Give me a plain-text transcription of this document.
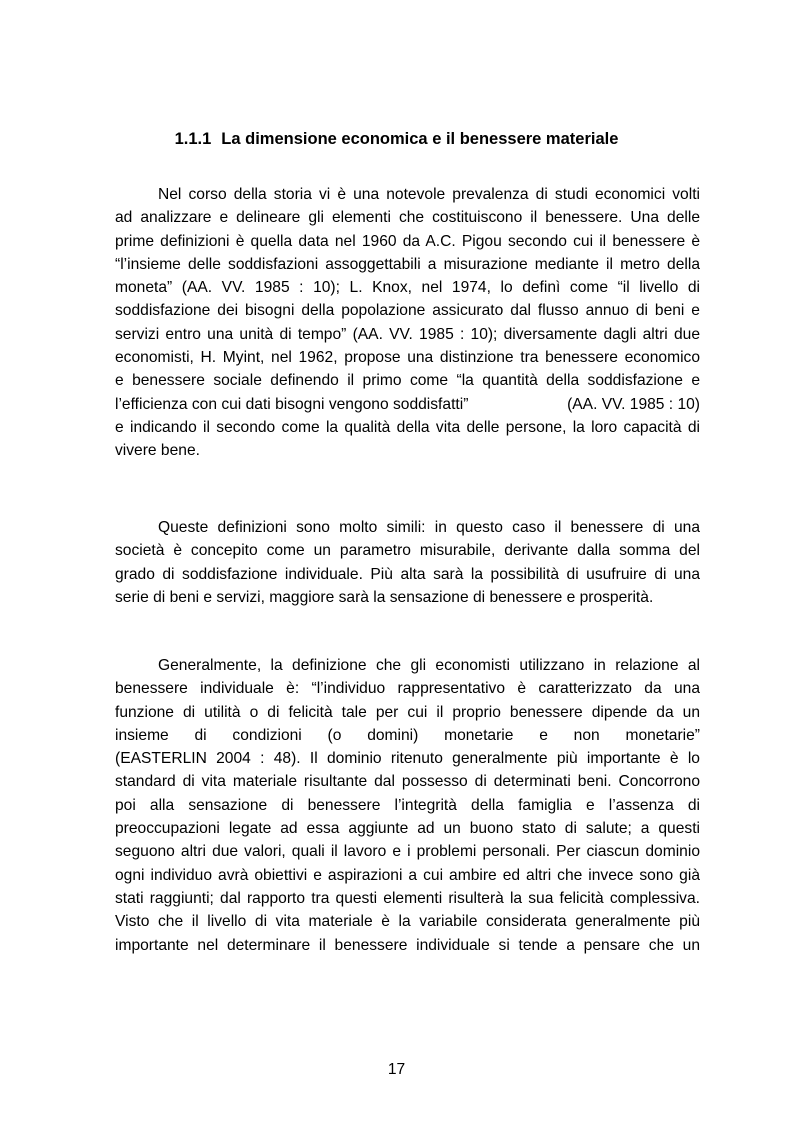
1.1.1 La dimensione economica e il benessere materiale
Nel corso della storia vi è una notevole prevalenza di studi economici volti
ad analizzare e delineare gli elementi che costituiscono il benessere. Una delle
prime definizioni è quella data nel 1960 da A.C. Pigou secondo cui il benessere è
“l’insieme delle soddisfazioni assoggettabili a misurazione mediante il metro della
moneta” (AA. VV. 1985 : 10); L. Knox, nel 1974, lo definì come “il livello di
soddisfazione dei bisogni della popolazione assicurato dal flusso annuo di beni e
servizi entro una unità di tempo” (AA. VV. 1985 : 10); diversamente dagli altri due
economisti, H. Myint, nel 1962, propose una distinzione tra benessere economico
e benessere sociale definendo il primo come “la quantità della soddisfazione e
l’efficienza con cui dati bisogni vengono soddisfatti”	(AA. VV. 1985 : 10)
e indicando il secondo come la qualità della vita delle persone, la loro capacità di
vivere bene.
Queste definizioni sono molto simili: in questo caso il benessere di una
società è concepito come un parametro misurabile, derivante dalla somma del
grado di soddisfazione individuale. Più alta sarà la possibilità di usufruire di una
serie di beni e servizi, maggiore sarà la sensazione di benessere e prosperità.
Generalmente, la definizione che gli economisti utilizzano in relazione al
benessere individuale è: “l’individuo rappresentativo è caratterizzato da una
funzione di utilità o di felicità tale per cui il proprio benessere dipende da un
insieme di condizioni (o domini) monetarie e non monetarie”
(EASTERLIN 2004 : 48). Il dominio ritenuto generalmente più importante è lo
standard di vita materiale risultante dal possesso di determinati beni. Concorrono
poi alla sensazione di benessere l’integrità della famiglia e l’assenza di
preoccupazioni legate ad essa aggiunte ad un buono stato di salute; a questi
seguono altri due valori, quali il lavoro e i problemi personali. Per ciascun dominio
ogni individuo avrà obiettivi e aspirazioni a cui ambire ed altri che invece sono già
stati raggiunti; dal rapporto tra questi elementi risulterà la sua felicità complessiva.
Visto che il livello di vita materiale è la variabile considerata generalmente più
importante nel determinare il benessere individuale si tende a pensare che un
17
